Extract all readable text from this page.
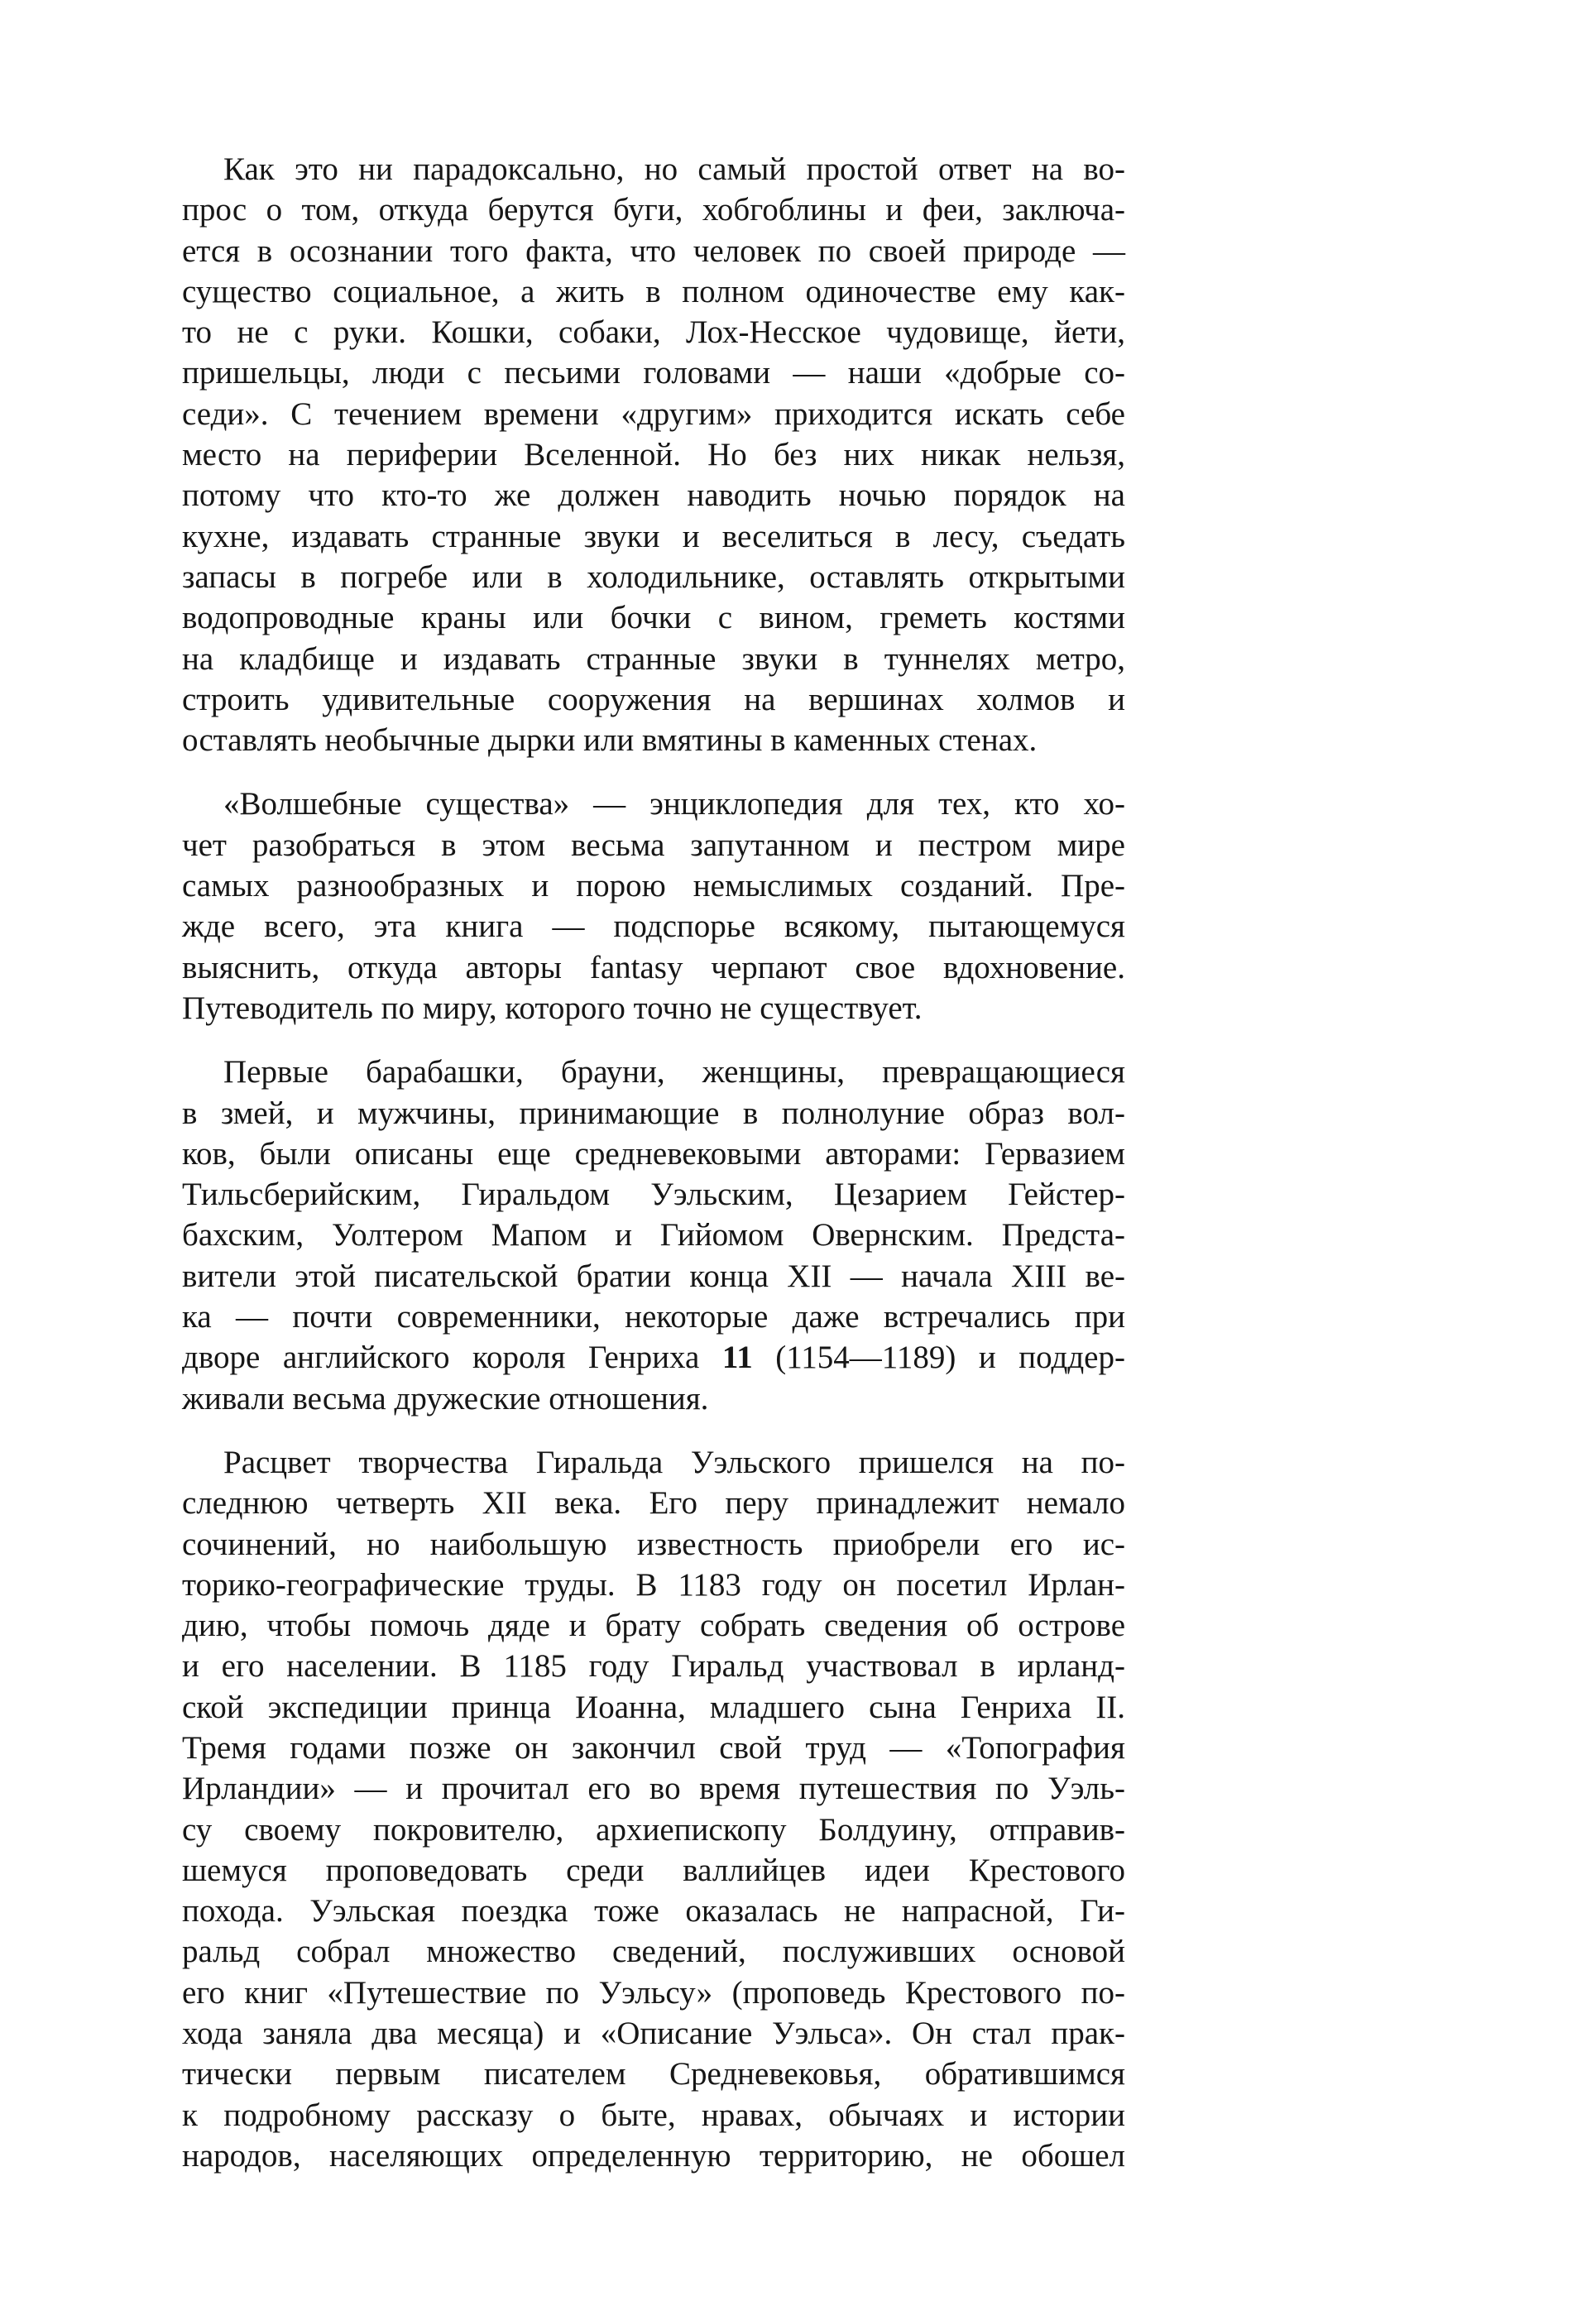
Как это ни парадоксально, но самый простой ответ на во-
прос о том, откуда берутся буги, хобгоблины и феи, заключа-
ется в осознании того факта, что человек по своей природе —
существо социальное, а жить в полном одиночестве ему как-
то не с руки. Кошки, собаки, Лох-Несское чудовище, йети,
пришельцы, люди с песьими головами — наши «добрые со-
седи». С течением времени «другим» приходится искать себе
место на периферии Вселенной. Но без них никак нельзя,
потому что кто-то же должен наводить ночью порядок на
кухне, издавать странные звуки и веселиться в лесу, съедать
запасы в погребе или в холодильнике, оставлять открытыми
водопроводные краны или бочки с вином, греметь костями
на кладбище и издавать странные звуки в туннелях метро,
строить удивительные сооружения на вершинах холмов и
оставлять необычные дырки или вмятины в каменных стенах.

«Волшебные существа» — энциклопедия для тех, кто хо-
чет разобраться в этом весьма запутанном и пестром мире
самых разнообразных и порою немыслимых созданий. Пре-
жде всего, эта книга — подспорье всякому, пытающемуся
выяснить, откуда авторы fantasy черпают свое вдохновение.
Путеводитель по миру, которого точно не существует.

Первые барабашки, брауни, женщины, превращающиеся
в змей, и мужчины, принимающие в полнолуние образ вол-
ков, были описаны еще средневековыми авторами: Гервазием
Тильсберийским, Гиральдом Уэльским, Цезарием Гейстер-
бахским, Уолтером Мапом и Гийомом Овернским. Предста-
вители этой писательской братии конца XII — начала XIII ве-
ка — почти современники, некоторые даже встречались при
дворе английского короля Генриха 11 (1154—1189) и поддер-
живали весьма дружеские отношения.

Расцвет творчества Гиральда Уэльского пришелся на по-
следнюю четверть XII века. Его перу принадлежит немало
сочинений, но наибольшую известность приобрели его ис-
торико-географические труды. В 1183 году он посетил Ирлан-
дию, чтобы помочь дяде и брату собрать сведения об острове
и его населении. В 1185 году Гиральд участвовал в ирланд-
ской экспедиции принца Иоанна, младшего сына Генриха II.
Тремя годами позже он закончил свой труд — «Топография
Ирландии» — и прочитал его во время путешествия по Уэль-
су своему покровителю, архиепископу Болдуину, отправив-
шемуся проповедовать среди валлийцев идеи Крестового
похода. Уэльская поездка тоже оказалась не напрасной, Ги-
ральд собрал множество сведений, послуживших основой
его книг «Путешествие по Уэльсу» (проповедь Крестового по-
хода заняла два месяца) и «Описание Уэльса». Он стал прак-
тически первым писателем Средневековья, обратившимся
к подробному рассказу о быте, нравах, обычаях и истории
народов, населяющих определенную территорию, не обошел
